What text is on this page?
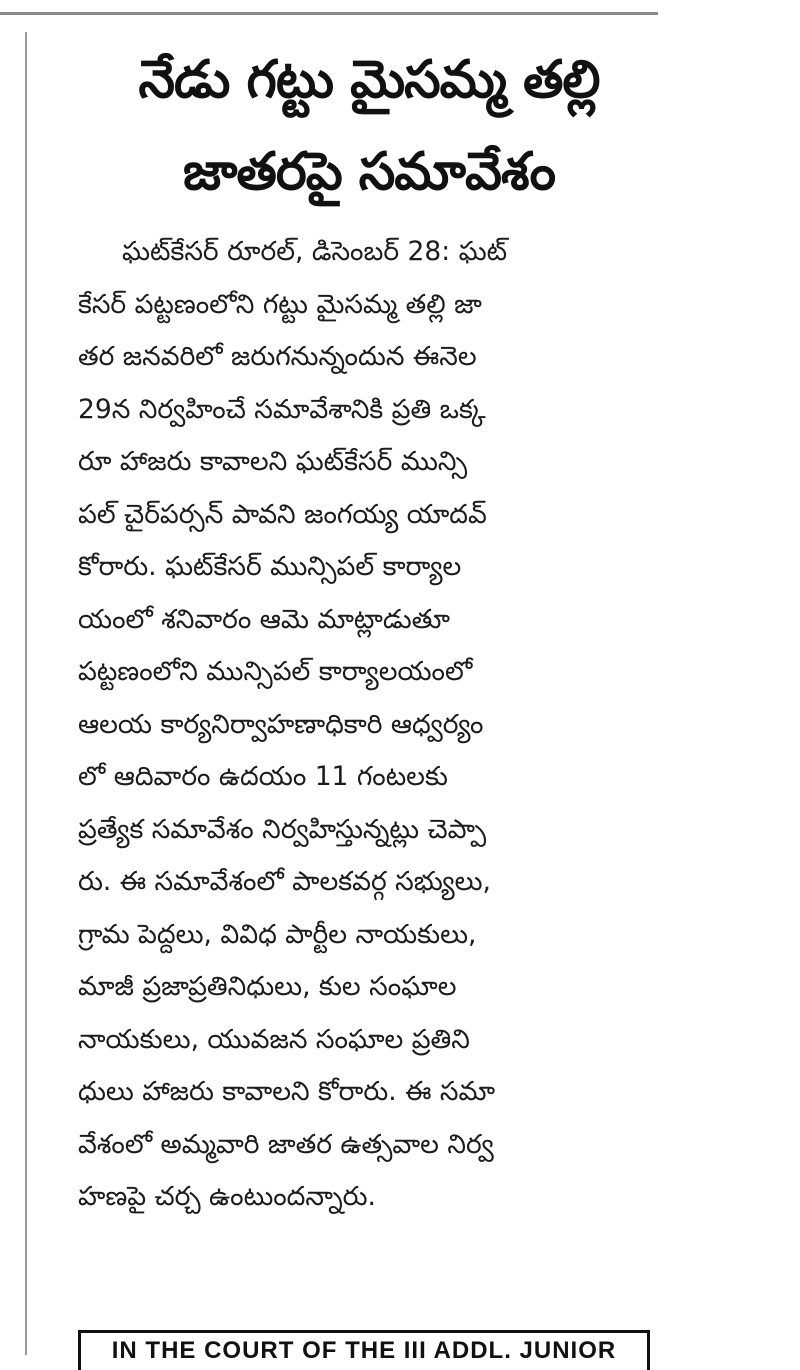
నేడు గట్టు మైసమ్మ తల్లి
జాతరపై సమావేశం
ఘట్‌కేసర్ రూరల్, డిసెంబర్ 28: ఘట్
కేసర్ పట్టణంలోని గట్టు మైసమ్మ తల్లి జా
తర జనవరిలో జరుగనున్నందున ఈనెల
29న నిర్వహించే సమావేశానికి ప్రతి ఒక్క
రూ హాజరు కావాలని ఘట్‌కేసర్ మున్సి
పల్ చైర్‌పర్సన్ పావని జంగయ్య యాదవ్
కోరారు. ఘట్‌కేసర్ మున్సిపల్ కార్యాల
యంలో శనివారం ఆమె మాట్లాడుతూ
పట్టణంలోని మున్సిపల్ కార్యాలయంలో
ఆలయ కార్యనిర్వాహణాధికారి ఆధ్వర్యం
లో ఆదివారం ఉదయం 11 గంటలకు
ప్రత్యేక సమావేశం నిర్వహిస్తున్నట్లు చెప్పా
రు. ఈ సమావేశంలో పాలకవర్గ సభ్యులు,
గ్రామ పెద్దలు, వివిధ పార్టీల నాయకులు,
మాజీ ప్రజాప్రతినిధులు, కుల సంఘాల
నాయకులు, యువజన సంఘాల ప్రతిని
ధులు హాజరు కావాలని కోరారు. ఈ సమా
వేశంలో అమ్మవారి జాతర ఉత్సవాల నిర్వ
హణపై చర్చ ఉంటుందన్నారు.
IN THE COURT OF THE III ADDL. JUNIOR
